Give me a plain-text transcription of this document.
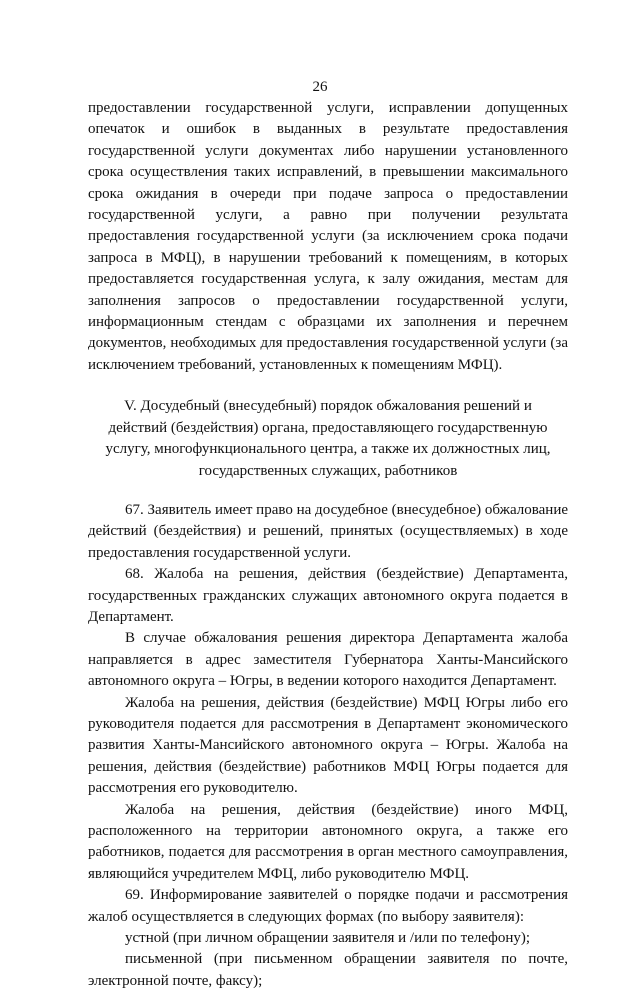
26

предоставлении государственной услуги, исправлении допущенных опечаток и ошибок в выданных в результате предоставления государственной услуги документах либо нарушении установленного срока осуществления таких исправлений, в превышении максимального срока ожидания в очереди при подаче запроса о предоставлении государственной услуги, а равно при получении результата предоставления государственной услуги (за исключением срока подачи запроса в МФЦ), в нарушении требований к помещениям, в которых предоставляется государственная услуга, к залу ожидания, местам для заполнения запросов о предоставлении государственной услуги, информационным стендам с образцами их заполнения и перечнем документов, необходимых для предоставления государственной услуги (за исключением требований, установленных к помещениям МФЦ).

V. Досудебный (внесудебный) порядок обжалования решений и
действий (бездействия) органа, предоставляющего государственную
услугу, многофункционального центра, а также их должностных лиц,
государственных служащих, работников

67. Заявитель имеет право на досудебное (внесудебное) обжалование действий (бездействия) и решений, принятых (осуществляемых) в ходе предоставления государственной услуги.

68. Жалоба на решения, действия (бездействие) Департамента, государственных гражданских служащих автономного округа подается в Департамент.

В случае обжалования решения директора Департамента жалоба направляется в адрес заместителя Губернатора Ханты-Мансийского автономного округа – Югры, в ведении которого находится Департамент.

Жалоба на решения, действия (бездействие) МФЦ Югры либо его руководителя подается для рассмотрения в Департамент экономического развития Ханты-Мансийского автономного округа – Югры. Жалоба на решения, действия (бездействие) работников МФЦ Югры подается для рассмотрения его руководителю.

Жалоба на решения, действия (бездействие) иного МФЦ, расположенного на территории автономного округа, а также его работников, подается для рассмотрения в орган местного самоуправления, являющийся учредителем МФЦ, либо руководителю МФЦ.

69. Информирование заявителей о порядке подачи и рассмотрения жалоб осуществляется в следующих формах (по выбору заявителя):

устной (при личном обращении заявителя и /или по телефону);

письменной (при письменном обращении заявителя по почте, электронной почте, факсу);
